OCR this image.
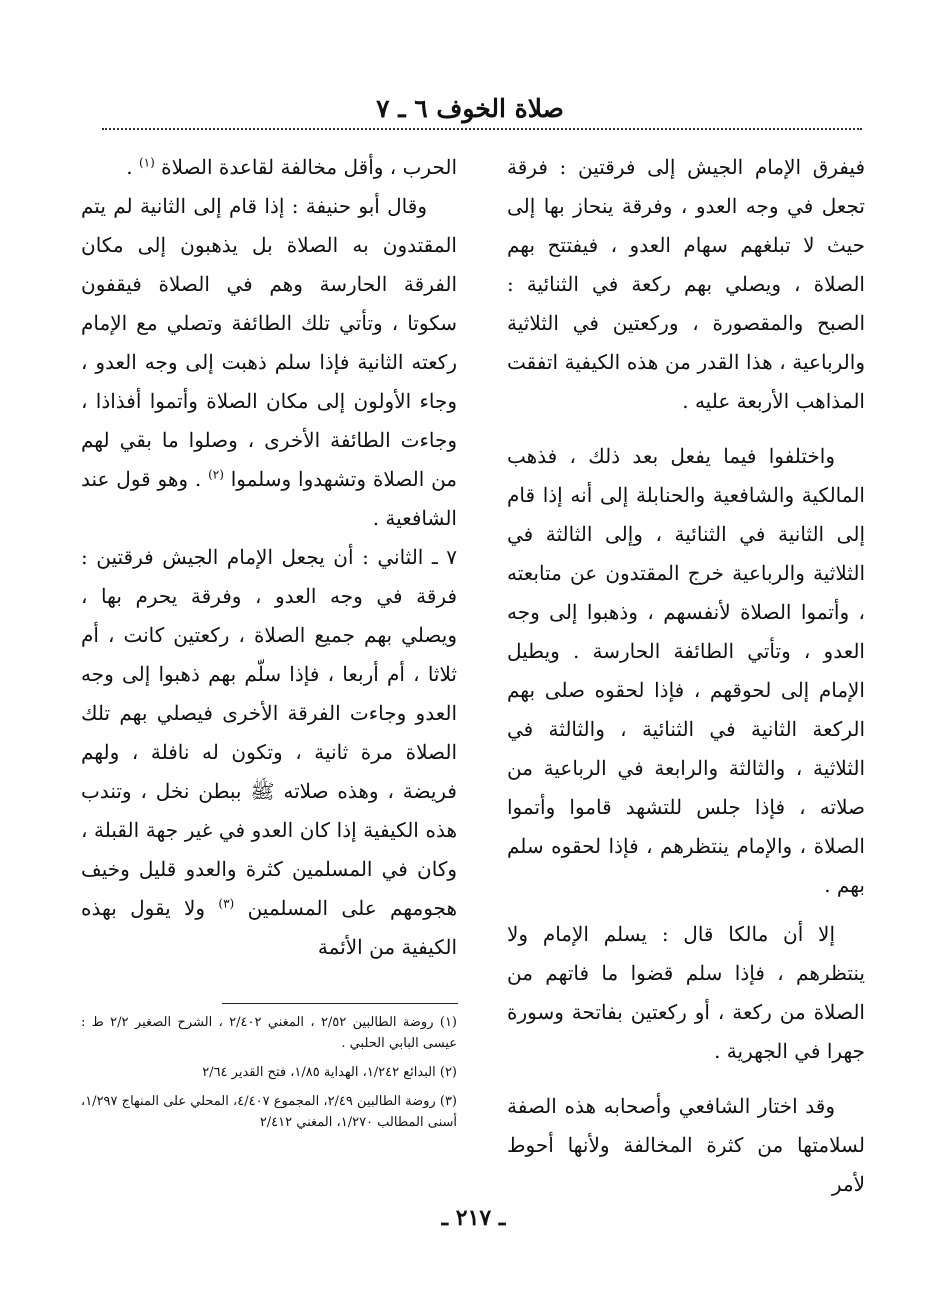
صلاة الخوف ٦ ـ ٧

فيفرق الإمام الجيش إلى فرقتين : فرقة تجعل في وجه العدو ، وفرقة ينحاز بها إلى حيث لا تبلغهم سهام العدو ، فيفتتح بهم الصلاة ، ويصلي بهم ركعة في الثنائية : الصبح والمقصورة ، وركعتين في الثلاثية والرباعية ، هذا القدر من هذه الكيفية اتفقت المذاهب الأربعة عليه .

واختلفوا فيما يفعل بعد ذلك ، فذهب المالكية والشافعية والحنابلة إلى أنه إذا قام إلى الثانية في الثنائية ، وإلى الثالثة في الثلاثية والرباعية خرج المقتدون عن متابعته ، وأتموا الصلاة لأنفسهم ، وذهبوا إلى وجه العدو ، وتأتي الطائفة الحارسة . ويطيل الإمام إلى لحوقهم ، فإذا لحقوه صلى بهم الركعة الثانية في الثنائية ، والثالثة في الثلاثية ، والثالثة والرابعة في الرباعية من صلاته ، فإذا جلس للتشهد قاموا وأتموا الصلاة ، والإمام ينتظرهم ، فإذا لحقوه سلم بهم .

إلا أن مالكا قال : يسلم الإمام ولا ينتظرهم ، فإذا سلم قضوا ما فاتهم من الصلاة من ركعة ، أو ركعتين بفاتحة وسورة جهرا في الجهرية .

وقد اختار الشافعي وأصحابه هذه الصفة لسلامتها من كثرة المخالفة ولأنها أحوط لأمر

الحرب ، وأقل مخالفة لقاعدة الصلاة $^{(١)}$ .

وقال أبو حنيفة : إذا قام إلى الثانية لم يتم المقتدون به الصلاة بل يذهبون إلى مكان الفرقة الحارسة وهم في الصلاة فيقفون سكوتا ، وتأتي تلك الطائفة وتصلي مع الإمام ركعته الثانية فإذا سلم ذهبت إلى وجه العدو ، وجاء الأولون إلى مكان الصلاة وأتموا أفذاذا ، وجاءت الطائفة الأخرى ، وصلوا ما بقي لهم من الصلاة وتشهدوا وسلموا $^{(٢)}$ . وهو قول عند الشافعية .

٧ ـ الثاني : أن يجعل الإمام الجيش فرقتين : فرقة في وجه العدو ، وفرقة يحرم بها ، ويصلي بهم جميع الصلاة ، ركعتين كانت ، أم ثلاثا ، أم أربعا ، فإذا سلّم بهم ذهبوا إلى وجه العدو وجاءت الفرقة الأخرى فيصلي بهم تلك الصلاة مرة ثانية ، وتكون له نافلة ، ولهم فريضة ، وهذه صلاته ﷺ ببطن نخل ، وتندب هذه الكيفية إذا كان العدو في غير جهة القبلة ، وكان في المسلمين كثرة والعدو قليل وخيف هجومهم على المسلمين $^{(٣)}$ ولا يقول بهذه الكيفية من الأئمة

(١) روضة الطالبين ٢/٥٢ ، المغني ٢/٤٠٢ ، الشرح الصغير ٢/٢ ط : عيسى البابي الحلبي .

(٢) البدائع ١/٢٤٢، الهداية ١/٨٥، فتح القدير ٢/٦٤

(٣) روضة الطالبين ٢/٤٩، المجموع ٤/٤٠٧، المحلي على المنهاج ١/٢٩٧، أسنى المطالب ١/٢٧٠، المغني ٢/٤١٢

ـ ٢١٧ ـ
